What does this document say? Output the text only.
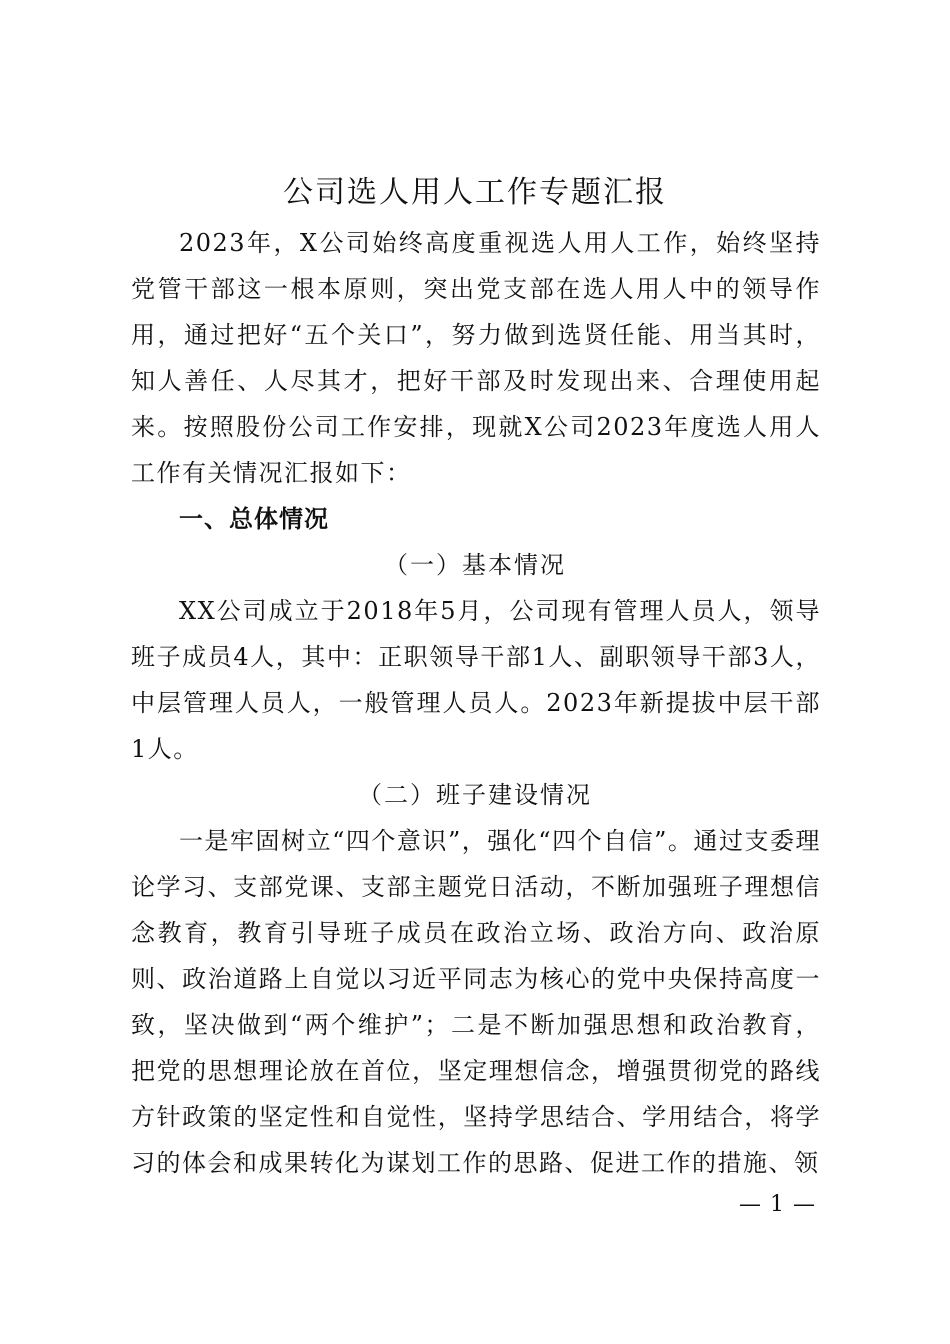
公司选人用人工作专题汇报

2023年，X公司始终高度重视选人用人工作，始终坚持党管干部这一根本原则，突出党支部在选人用人中的领导作用，通过把好“五个关口”，努力做到选贤任能、用当其时，知人善任、人尽其才，把好干部及时发现出来、合理使用起来。按照股份公司工作安排，现就X公司2023年度选人用人工作有关情况汇报如下：

一、总体情况
（一）基本情况

XX公司成立于2018年5月，公司现有管理人员人，领导班子成员4人，其中：正职领导干部1人、副职领导干部3人，中层管理人员人，一般管理人员人。2023年新提拔中层干部1人。

（二）班子建设情况

一是牢固树立“四个意识”，强化“四个自信”。通过支委理论学习、支部党课、支部主题党日活动，不断加强班子理想信念教育，教育引导班子成员在政治立场、政治方向、政治原则、政治道路上自觉以习近平同志为核心的党中央保持高度一致，坚决做到“两个维护”；二是不断加强思想和政治教育，把党的思想理论放在首位，坚定理想信念，增强贯彻党的路线方针政策的坚定性和自觉性，坚持学思结合、学用结合，将学习的体会和成果转化为谋划工作的思路、促进工作的措施、领

— 1 —
